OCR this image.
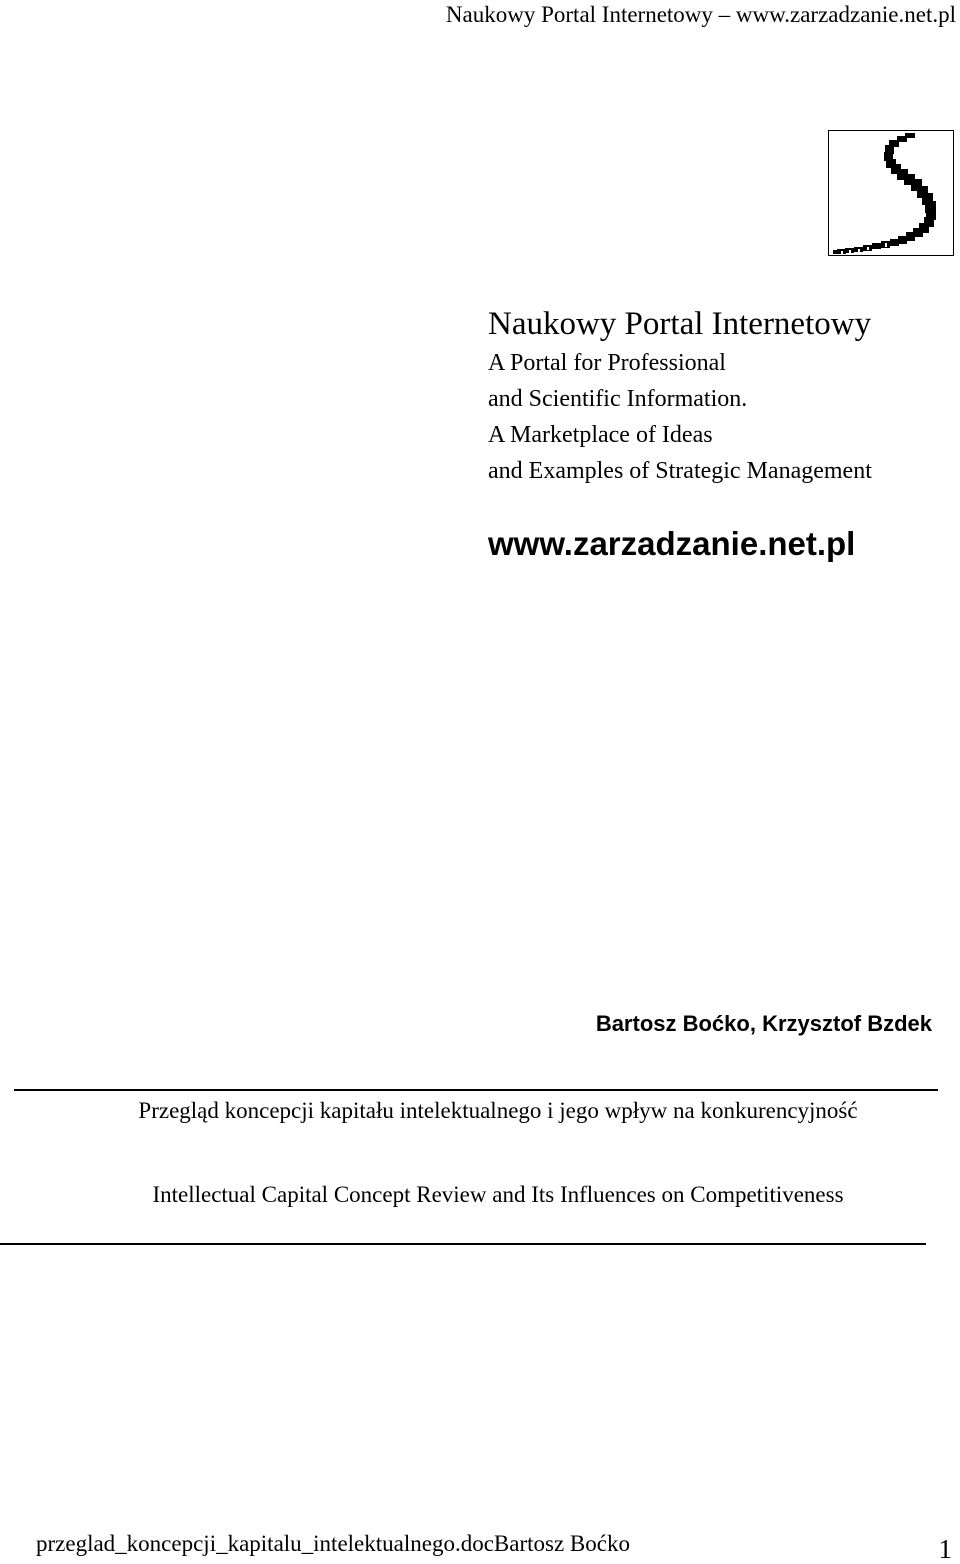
Naukowy Portal Internetowy – www.zarzadzanie.net.pl
Naukowy Portal Internetowy
A Portal for Professional
and Scientific Information.
A Marketplace of Ideas
and Examples of Strategic Management
www.zarzadzanie.net.pl
Bartosz Boćko, Krzysztof Bzdek
Przegląd koncepcji kapitału intelektualnego i jego wpływ na konkurencyjność
Intellectual Capital Concept Review and Its Influences on Competitiveness
przeglad_koncepcji_kapitalu_intelektualnego.docBartosz Boćko	1
